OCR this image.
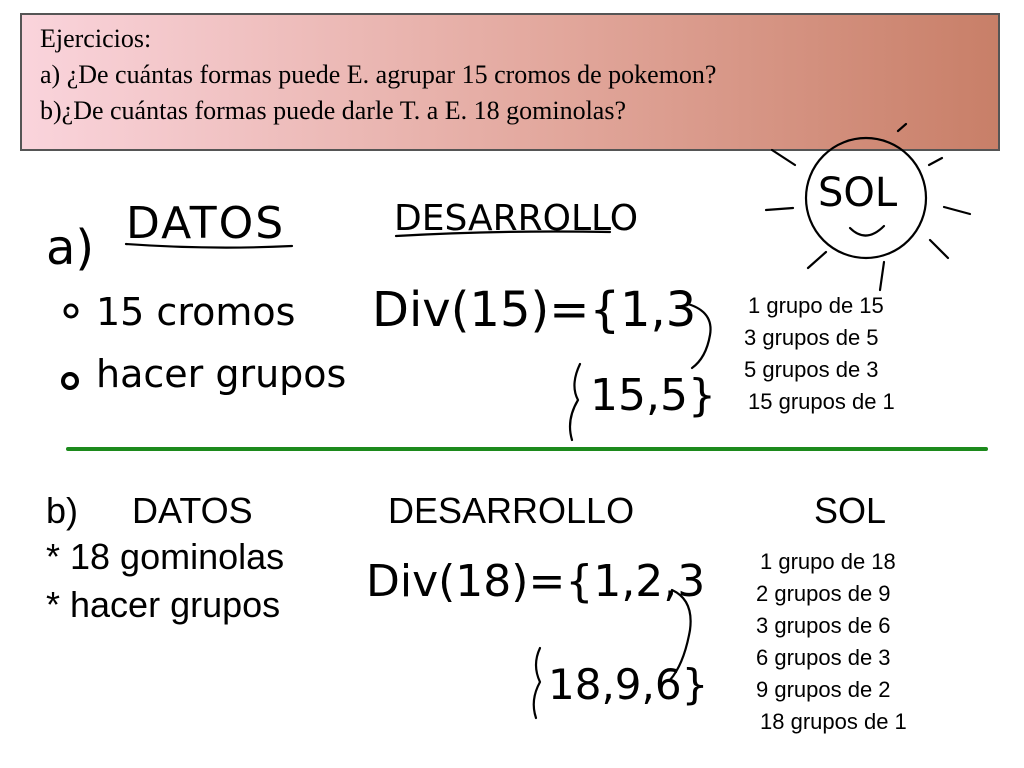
Ejercicios:
a) ¿De cuántas formas puede E. agrupar 15 cromos de pokemon?
b)¿De cuántas formas puede darle T. a E. 18 gominolas?
a) DATOS	DESARROLLO
SOL
15 cromos
hacer grupos
Div(15)={1,3
15,5}
1 grupo de 15
3 grupos de 5
5 grupos de 3
15 grupos de 1
b) DATOS	DESARROLLO	SOL
* 18 gominolas
* hacer grupos Div(18)={1,2,3
18,9,6}
1 grupo de 18
2 grupos de 9
3 grupos de 6
6 grupos de 3
9 grupos de 2
18 grupos de 1
